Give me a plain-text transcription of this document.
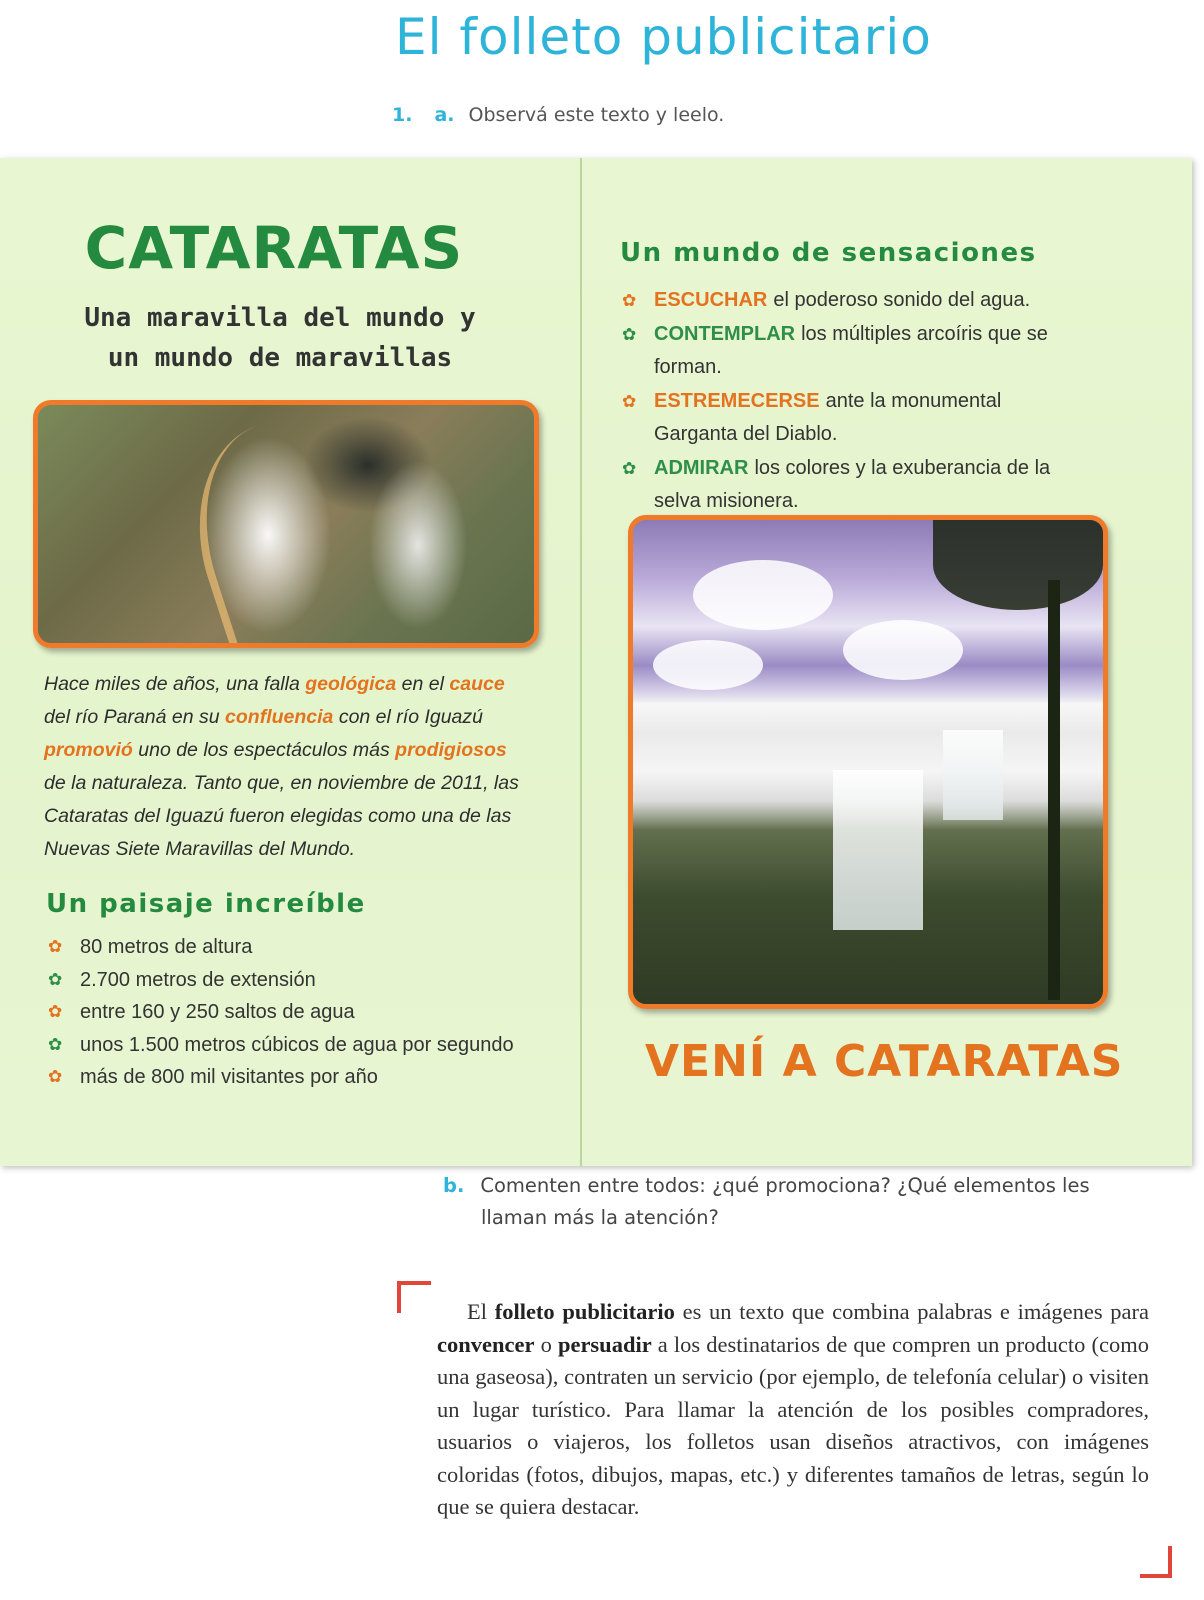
El folleto publicitario
1. a. Observá este texto y leelo.
CATARATAS
Una maravilla del mundo y
un mundo de maravillas
Hace miles de años, una falla geológica en el cauce del río Paraná en su confluencia con el río Iguazú promovió uno de los espectáculos más prodigiosos de la naturaleza. Tanto que, en noviembre de 2011, las Cataratas del Iguazú fueron elegidas como una de las Nuevas Siete Maravillas del Mundo.
Un paisaje increíble
✿ 80 metros de altura
✿ 2.700 metros de extensión
✿ entre 160 y 250 saltos de agua
✿ unos 1.500 metros cúbicos de agua por segundo
✿ más de 800 mil visitantes por año
Un mundo de sensaciones
✿ ESCUCHAR el poderoso sonido del agua.
✿ CONTEMPLAR los múltiples arcoíris que se forman.
✿ ESTREMECERSE ante la monumental Garganta del Diablo.
✿ ADMIRAR los colores y la exuberancia de la selva misionera.
VENÍ A CATARATAS
b. Comenten entre todos: ¿qué promociona? ¿Qué elementos les
llaman más la atención?
El folleto publicitario es un texto que combina palabras e imágenes para convencer o persuadir a los destinatarios de que compren un producto (como una gaseosa), contraten un servicio (por ejemplo, de telefonía celular) o visiten un lugar turístico. Para llamar la atención de los posibles compradores, usuarios o viajeros, los folletos usan diseños atractivos, con imágenes coloridas (fotos, dibujos, mapas, etc.) y diferentes tamaños de letras, según lo que se quiera destacar.
